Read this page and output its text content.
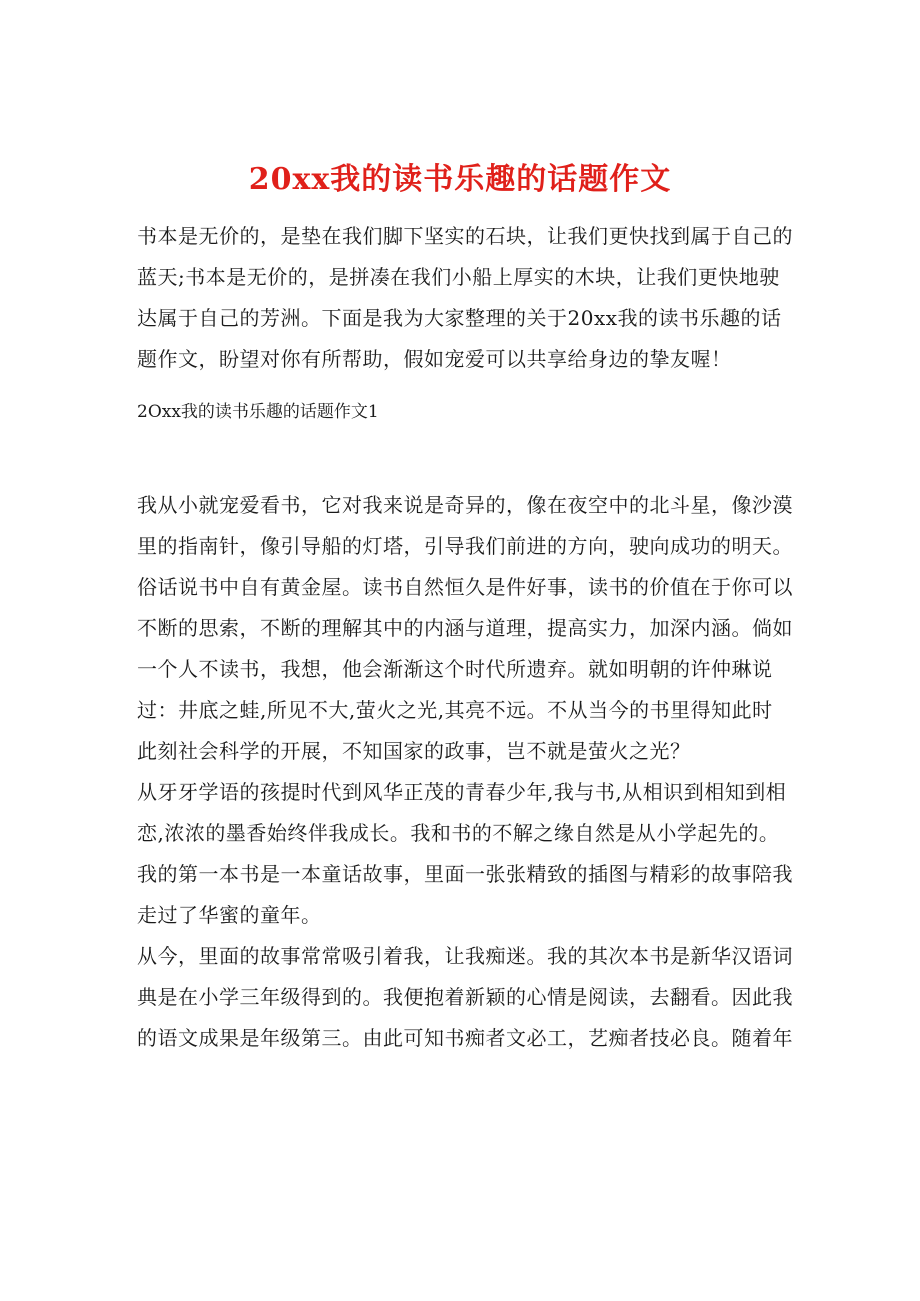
20xx我的读书乐趣的话题作文

书本是无价的，是垫在我们脚下坚实的石块，让我们更快找到属于自己的蓝天;书本是无价的，是拼凑在我们小船上厚实的木块，让我们更快地驶达属于自己的芳洲。下面是我为大家整理的关于20xx我的读书乐趣的话题作文，盼望对你有所帮助，假如宠爱可以共享给身边的挚友喔！

2Oxx我的读书乐趣的话题作文1

我从小就宠爱看书，它对我来说是奇异的，像在夜空中的北斗星，像沙漠里的指南针，像引导船的灯塔，引导我们前进的方向，驶向成功的明天。俗话说书中自有黄金屋。读书自然恒久是件好事，读书的价值在于你可以不断的思索，不断的理解其中的内涵与道理，提高实力，加深内涵。倘如一个人不读书，我想，他会渐渐这个时代所遗弃。就如明朝的许仲琳说过：井底之蛙,所见不大,萤火之光,其亮不远。不从当今的书里得知此时此刻社会科学的开展，不知国家的政事，岂不就是萤火之光？

从牙牙学语的孩提时代到风华正茂的青春少年,我与书,从相识到相知到相恋,浓浓的墨香始终伴我成长。我和书的不解之缘自然是从小学起先的。我的第一本书是一本童话故事，里面一张张精致的插图与精彩的故事陪我走过了华蜜的童年。

从今，里面的故事常常吸引着我，让我痴迷。我的其次本书是新华汉语词典是在小学三年级得到的。我便抱着新颖的心情是阅读，去翻看。因此我的语文成果是年级第三。由此可知书痴者文必工，艺痴者技必良。随着年
